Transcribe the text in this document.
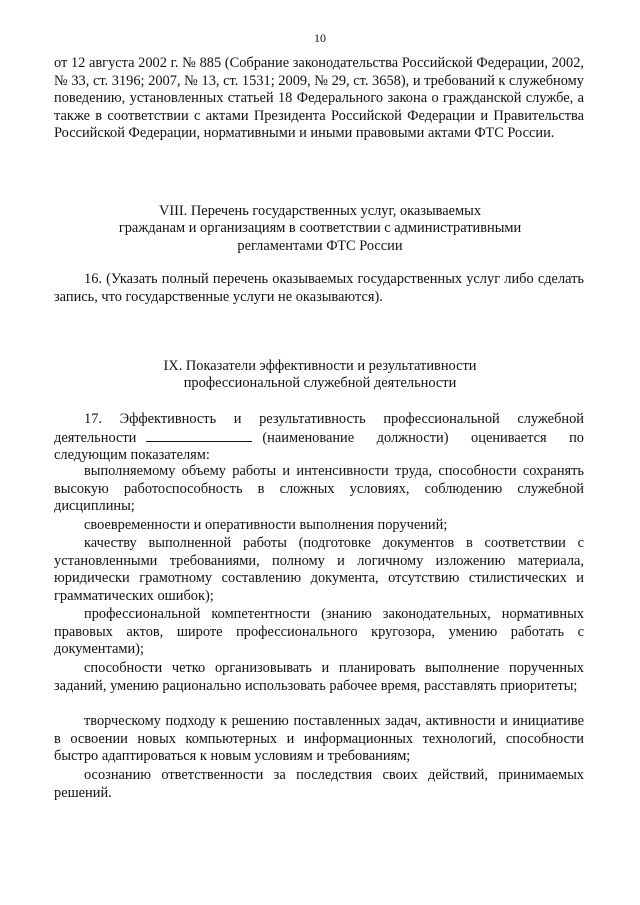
10

от 12 августа 2002 г. № 885 (Собрание законодательства Российской Федерации, 2002, № 33, ст. 3196; 2007, № 13, ст. 1531; 2009, № 29, ст. 3658), и требований к служебному поведению, установленных статьей 18 Федерального закона о гражданской службе, а также в соответствии с актами Президента Российской Федерации и Правительства Российской Федерации, нормативными и иными правовыми актами ФТС России.

VIII. Перечень государственных услуг, оказываемых
гражданам и организациям в соответствии с административными
регламентами ФТС России

16. (Указать полный перечень оказываемых государственных услуг либо сделать запись, что государственные услуги не оказываются).

IX. Показатели эффективности и результативности
профессиональной служебной деятельности

17. Эффективность и результативность профессиональной служебной деятельности	(наименование должности) оценивается по следующим показателям:

выполняемому объему работы и интенсивности труда, способности сохранять высокую работоспособность в сложных условиях, соблюдению служебной дисциплины;

своевременности и оперативности выполнения поручений;

качеству выполненной работы (подготовке документов в соответствии с установленными требованиями, полному и логичному изложению материала, юридически грамотному составлению документа, отсутствию стилистических и грамматических ошибок);

профессиональной компетентности (знанию законодательных, нормативных правовых актов, широте профессионального кругозора, умению работать с документами);

способности четко организовывать и планировать выполнение порученных заданий, умению рационально использовать рабочее время, расставлять приоритеты;

творческому подходу к решению поставленных задач, активности и инициативе в освоении новых компьютерных и информационных технологий, способности быстро адаптироваться к новым условиям и требованиям;

осознанию ответственности за последствия своих действий, принимаемых решений.
